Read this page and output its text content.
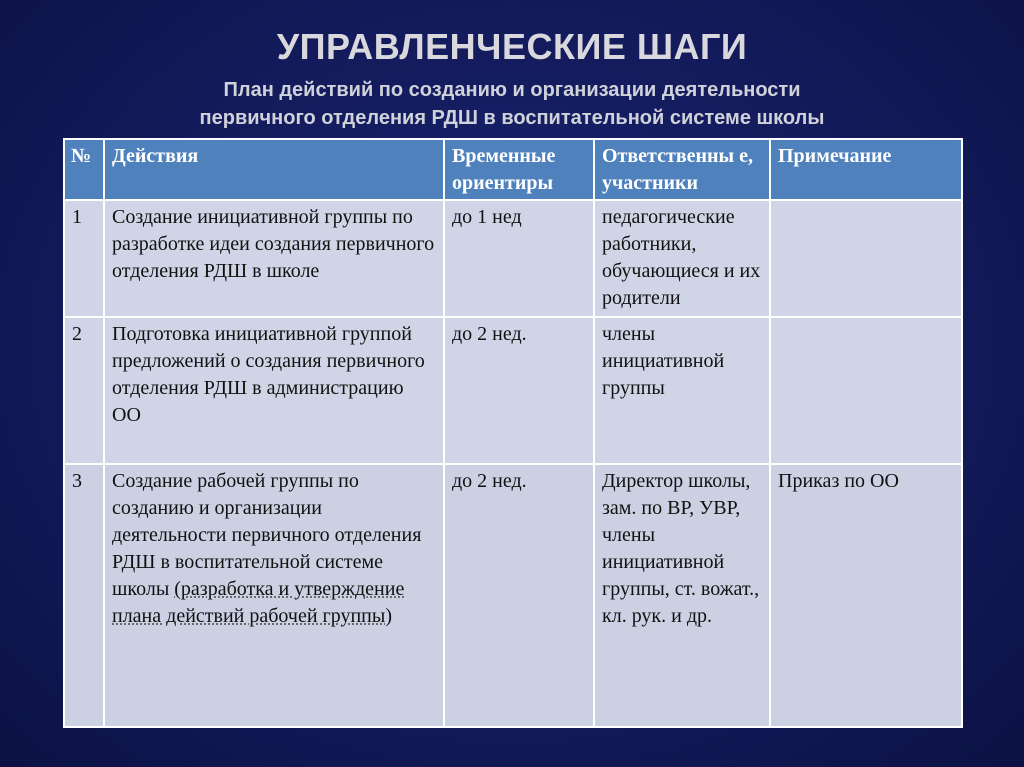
УПРАВЛЕНЧЕСКИЕ ШАГИ
План действий по созданию и организации деятельности
первичного отделения РДШ в воспитательной системе школы
№	Действия	Временные ориентиры	Ответственны е, участники	Примечание
1	Создание инициативной группы по разработке идеи создания первичного отделения РДШ в школе	до 1 нед	педагогические работники, обучающиеся и их родители	
2	Подготовка инициативной группой предложений о создания первичного отделения РДШ в администрацию ОО	до 2 нед.	члены инициативной группы	
3	Создание рабочей группы по созданию и организации деятельности первичного отделения РДШ в воспитательной системе школы (разработка и утверждение плана действий рабочей группы)	до 2 нед.	Директор школы, зам. по ВР, УВР, члены инициативной группы, ст. вожат., кл. рук. и др.	Приказ по ОО
